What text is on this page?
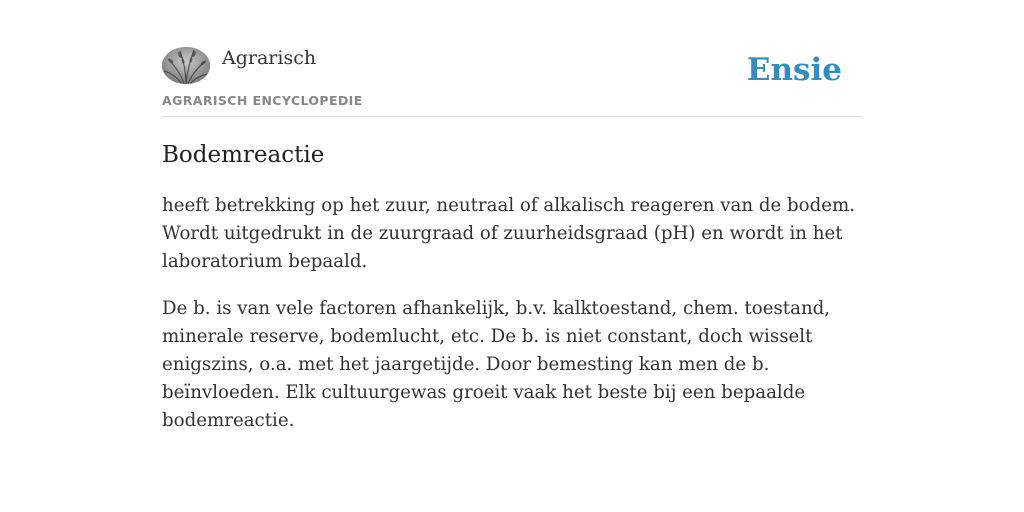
Agrarisch
AGRARISCH ENCYCLOPEDIE
Ensie
Bodemreactie

heeft betrekking op het zuur, neutraal of alkalisch reageren van de bodem. Wordt uitgedrukt in de zuurgraad of zuurheidsgraad (pH) en wordt in het laboratorium bepaald.

De b. is van vele factoren afhankelijk, b.v. kalktoestand, chem. toestand, minerale reserve, bodemlucht, etc. De b. is niet constant, doch wisselt enigszins, o.a. met het jaargetijde. Door bemesting kan men de b. beïnvloeden. Elk cultuurgewas groeit vaak het beste bij een bepaalde bodemreactie.
